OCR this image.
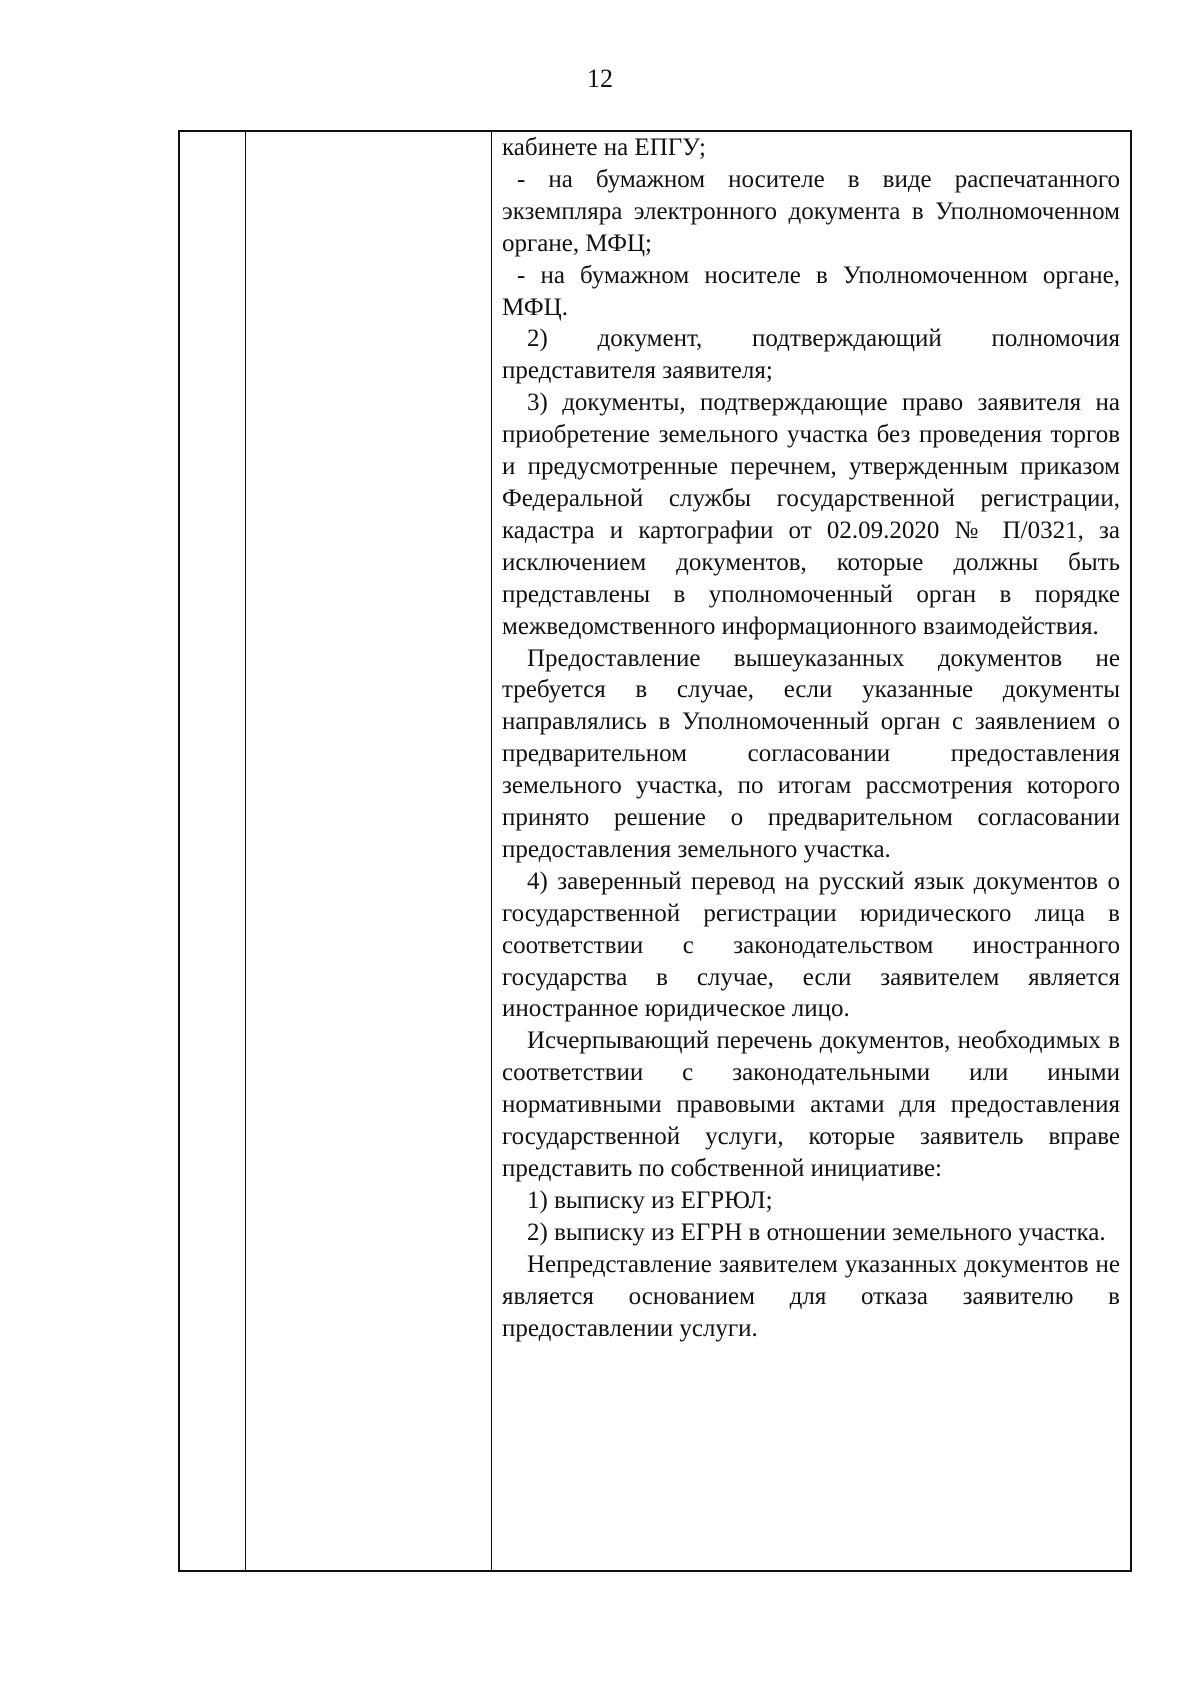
12

кабинете на ЕПГУ;

- на бумажном носителе в виде распечатанного экземпляра электронного документа в Уполномоченном органе, МФЦ;

- на бумажном носителе в Уполномоченном органе, МФЦ.

2) документ, подтверждающий полномочия представителя заявителя;

3) документы, подтверждающие право заявителя на приобретение земельного участка без проведения торгов и предусмотренные перечнем, утвержденным приказом Федеральной службы государственной регистрации, кадастра и картографии от 02.09.2020 № П/0321, за исключением документов, которые должны быть представлены в уполномоченный орган в порядке межведомственного информационного взаимодействия.

Предоставление вышеуказанных документов не требуется в случае, если указанные документы направлялись в Уполномоченный орган с заявлением о предварительном согласовании предоставления земельного участка, по итогам рассмотрения которого принято решение о предварительном согласовании предоставления земельного участка.

4) заверенный перевод на русский язык документов о государственной регистрации юридического лица в соответствии с законодательством иностранного государства в случае, если заявителем является иностранное юридическое лицо.

Исчерпывающий перечень документов, необходимых в соответствии с законодательными или иными нормативными правовыми актами для предоставления государственной услуги, которые заявитель вправе представить по собственной инициативе:

1) выписку из ЕГРЮЛ;

2) выписку из ЕГРН в отношении земельного участка.

Непредставление заявителем указанных документов не является основанием для отказа заявителю в предоставлении услуги.
